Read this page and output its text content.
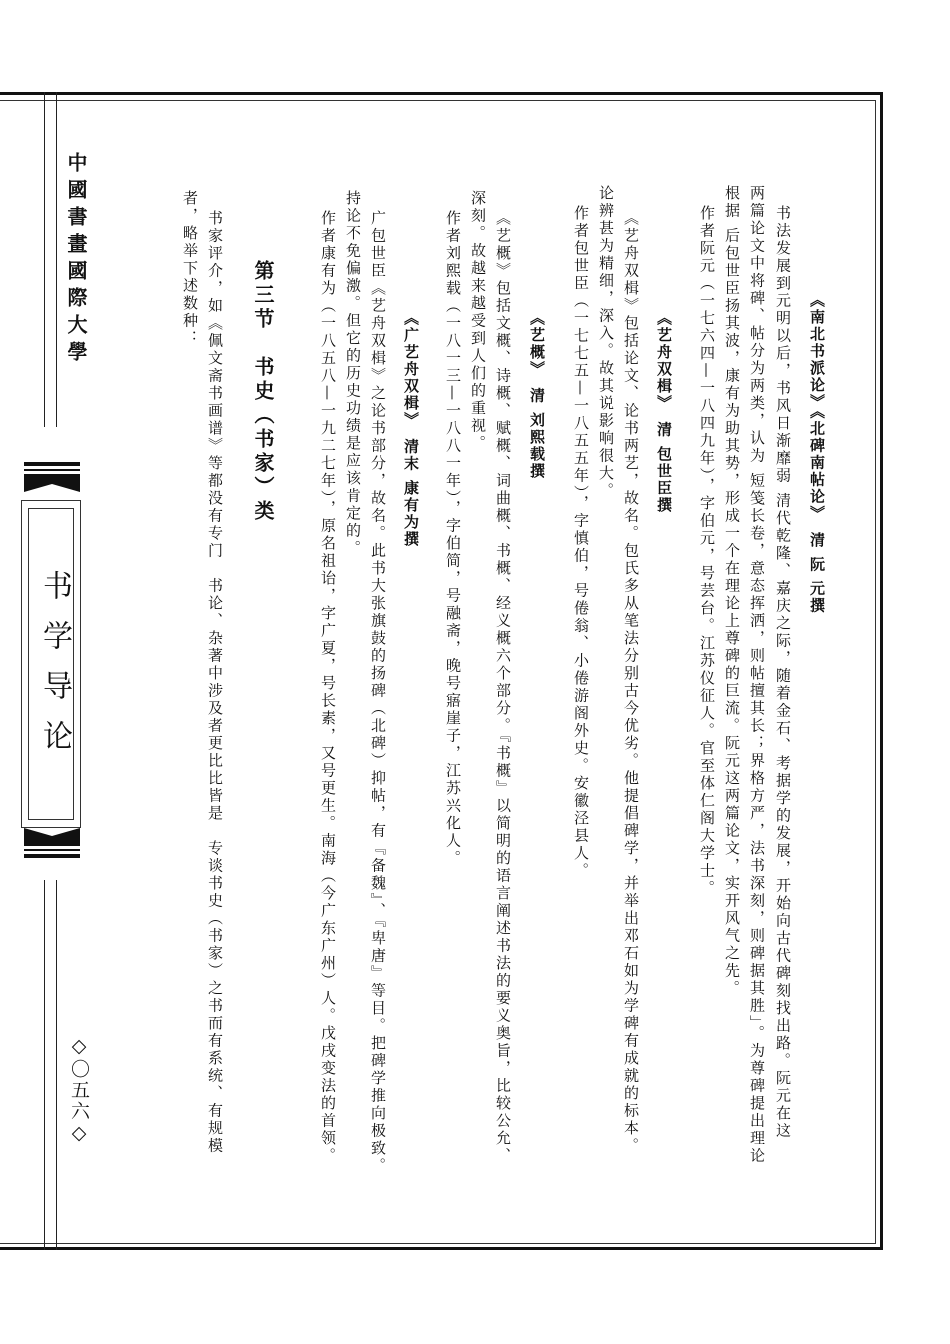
中國書畫國際大學
书学导论
◇〇五六◇
《南北书派论》《北碑南帖论》　清 阮 元撰
书法发展到元明以后，书风日渐靡弱 清代乾隆、嘉庆之际，随着金石、考据学的发展，开始向古代碑刻找出路。阮元在这
两篇论文中将碑、帖分为两类，认为 短笺长卷，意态挥洒，则帖擅其长；界格方严，法书深刻，则碑据其胜」。为尊碑提出理论
根据 后包世臣扬其波，康有为助其势，形成一个在理论上尊碑的巨流。阮元这两篇论文，实开风气之先。
作者阮元（一七六四—一八四九年），字伯元，号芸台。江苏仪征人。官至体仁阁大学士。
《艺舟双楫》　清 包世臣撰
《艺舟双楫》包括论文、论书两艺，故名。包氏多从笔法分别古今优劣。他提倡碑学，并举出邓石如为学碑有成就的标本。
论辨甚为精细，深入。故其说影响很大。
作者包世臣（一七七五—一八五五年），字慎伯，号倦翁、小倦游阁外史。安徽泾县人。
《艺概》　清 刘熙载撰
《艺概》包括文概、诗概、赋概、词曲概、书概、经义概六个部分。『书概』以简明的语言阐述书法的要义奥旨，比较公允、
深刻。故越来越受到人们的重视。
作者刘熙载（一八一三—一八八一年），字伯简，号融斋，晚号寤崖子，江苏兴化人。
《广艺舟双楫》　清末 康有为撰
广包世臣《艺舟双楫》之论书部分，故名。此书大张旗鼓的扬碑（北碑）抑帖，有『备魏』、『卑唐』等目。把碑学推向极致。
持论不免偏激。但它的历史功绩是应该肯定的。
作者康有为（一八五八—一九二七年），原名祖诒，字广夏，号长素，又号更生。南海（今广东广州）人。戊戌变法的首领。
第三节　书史（书家）类
书家评介，如《佩文斋书画谱》等都没有专门　书论、杂著中涉及者更比比皆是　专谈书史（书家）之书而有系统、有规模
者，略举下述数种：
